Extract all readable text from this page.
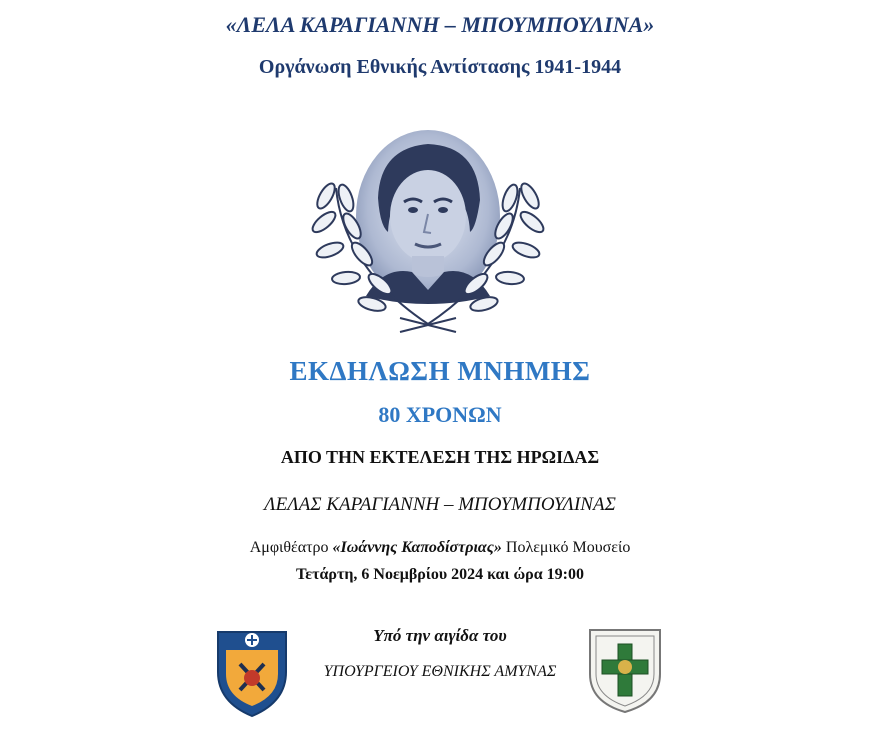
«ΛΕΛΑ ΚΑΡΑΓΙΑΝΝΗ – ΜΠΟΥΜΠΟΥΛΙΝΑ»
Οργάνωση Εθνικής Αντίστασης 1941-1944
ΕΚΔΗΛΩΣΗ ΜΝΗΜΗΣ
80 ΧΡΟΝΩΝ
ΑΠΟ ΤΗΝ ΕΚΤΕΛΕΣΗ ΤΗΣ ΗΡΩΙΔΑΣ
ΛΕΛΑΣ ΚΑΡΑΓΙΑΝΝΗ – ΜΠΟΥΜΠΟΥΛΙΝΑΣ
Αμφιθέατρο «Ιωάννης Καποδίστριας» Πολεμικό Μουσείο
Τετάρτη, 6 Νοεμβρίου 2024 και ώρα 19:00
Υπό την αιγίδα του
ΥΠΟΥΡΓΕΙΟΥ ΕΘΝΙΚΗΣ ΑΜΥΝΑΣ
